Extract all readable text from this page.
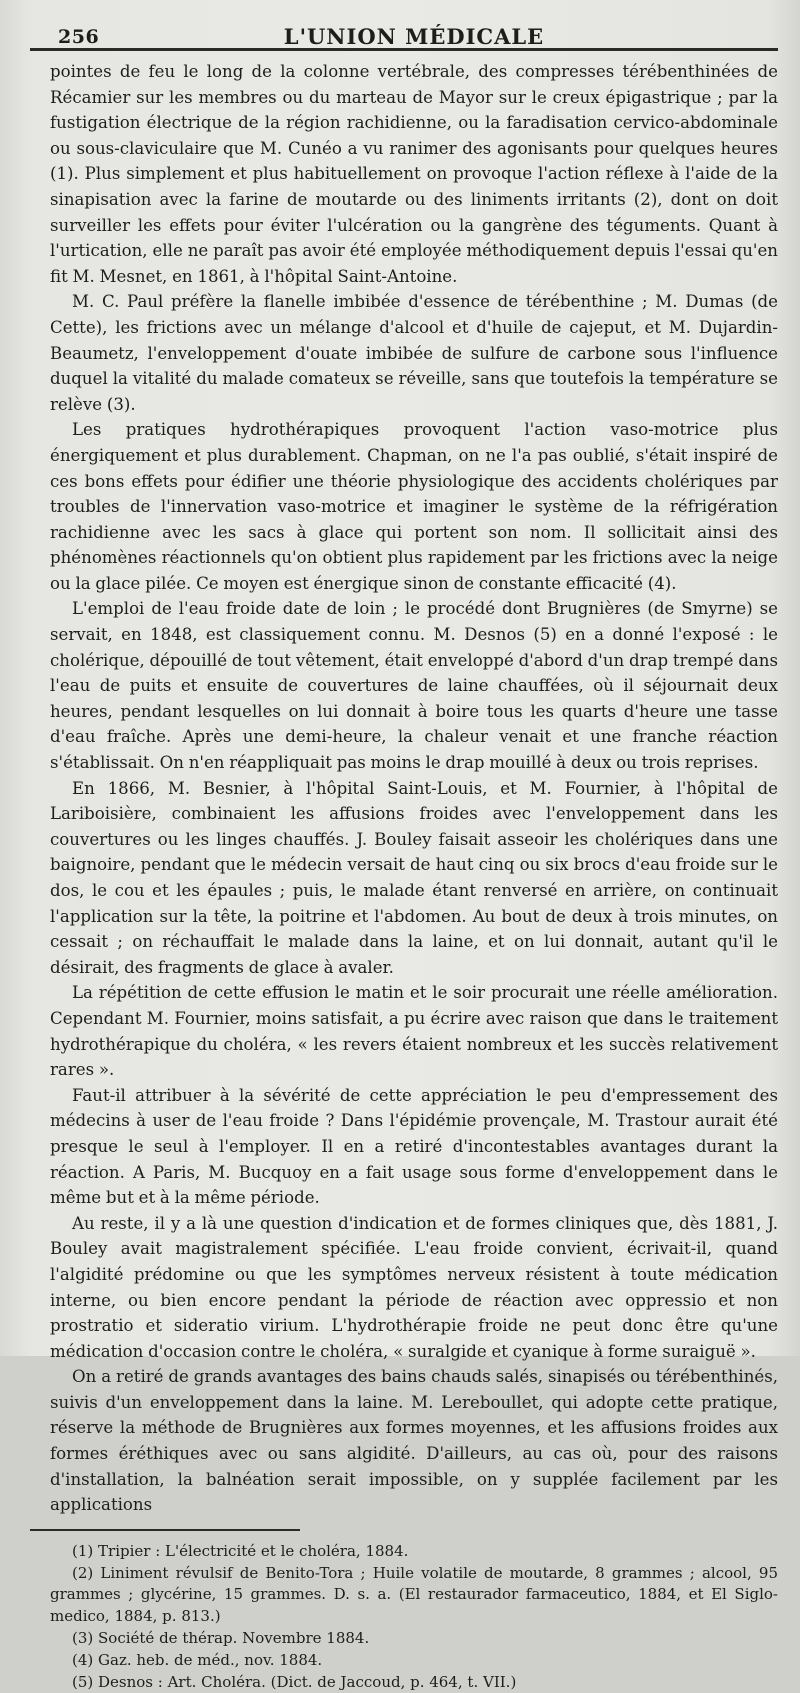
256	L'UNION MÉDICALE

pointes de feu le long de la colonne vertébrale, des compresses térébenthinées de Récamier sur les membres ou du marteau de Mayor sur le creux épigastrique ; par la fustigation électrique de la région rachidienne, ou la faradisation cervico-abdominale ou sous-claviculaire que M. Cunéo a vu ranimer des agonisants pour quelques heures (1). Plus simplement et plus habituellement on provoque l'action réflexe à l'aide de la sinapisation avec la farine de moutarde ou des liniments irritants (2), dont on doit surveiller les effets pour éviter l'ulcération ou la gangrène des téguments. Quant à l'urtication, elle ne paraît pas avoir été employée méthodiquement depuis l'essai qu'en fit M. Mesnet, en 1861, à l'hôpital Saint-Antoine.

M. C. Paul préfère la flanelle imbibée d'essence de térébenthine ; M. Dumas (de Cette), les frictions avec un mélange d'alcool et d'huile de cajeput, et M. Dujardin-Beaumetz, l'enveloppement d'ouate imbibée de sulfure de carbone sous l'influence duquel la vitalité du malade comateux se réveille, sans que toutefois la température se relève (3).

Les pratiques hydrothérapiques provoquent l'action vaso-motrice plus énergiquement et plus durablement. Chapman, on ne l'a pas oublié, s'était inspiré de ces bons effets pour édifier une théorie physiologique des accidents cholériques par troubles de l'innervation vaso-motrice et imaginer le système de la réfrigération rachidienne avec les sacs à glace qui portent son nom. Il sollicitait ainsi des phénomènes réactionnels qu'on obtient plus rapidement par les frictions avec la neige ou la glace pilée. Ce moyen est énergique sinon de constante efficacité (4).

L'emploi de l'eau froide date de loin ; le procédé dont Brugnières (de Smyrne) se servait, en 1848, est classiquement connu. M. Desnos (5) en a donné l'exposé : le cholérique, dépouillé de tout vêtement, était enveloppé d'abord d'un drap trempé dans l'eau de puits et ensuite de couvertures de laine chauffées, où il séjournait deux heures, pendant lesquelles on lui donnait à boire tous les quarts d'heure une tasse d'eau fraîche. Après une demi-heure, la chaleur venait et une franche réaction s'établissait. On n'en réappliquait pas moins le drap mouillé à deux ou trois reprises.

En 1866, M. Besnier, à l'hôpital Saint-Louis, et M. Fournier, à l'hôpital de Lariboisière, combinaient les affusions froides avec l'enveloppement dans les couvertures ou les linges chauffés. J. Bouley faisait asseoir les cholériques dans une baignoire, pendant que le médecin versait de haut cinq ou six brocs d'eau froide sur le dos, le cou et les épaules ; puis, le malade étant renversé en arrière, on continuait l'application sur la tête, la poitrine et l'abdomen. Au bout de deux à trois minutes, on cessait ; on réchauffait le malade dans la laine, et on lui donnait, autant qu'il le désirait, des fragments de glace à avaler.

La répétition de cette effusion le matin et le soir procurait une réelle amélioration. Cependant M. Fournier, moins satisfait, a pu écrire avec raison que dans le traitement hydrothérapique du choléra, « les revers étaient nombreux et les succès relativement rares ».

Faut-il attribuer à la sévérité de cette appréciation le peu d'empressement des médecins à user de l'eau froide ? Dans l'épidémie provençale, M. Trastour aurait été presque le seul à l'employer. Il en a retiré d'incontestables avantages durant la réaction. A Paris, M. Bucquoy en a fait usage sous forme d'enveloppement dans le même but et à la même période.

Au reste, il y a là une question d'indication et de formes cliniques que, dès 1881, J. Bouley avait magistralement spécifiée. L'eau froide convient, écrivait-il, quand l'algidité prédomine ou que les symptômes nerveux résistent à toute médication interne, ou bien encore pendant la période de réaction avec oppressio et non prostratio et sideratio virium. L'hydrothérapie froide ne peut donc être qu'une médication d'occasion contre le choléra, « suralgide et cyanique à forme suraiguë ».

On a retiré de grands avantages des bains chauds salés, sinapisés ou térébenthinés, suivis d'un enveloppement dans la laine. M. Lereboullet, qui adopte cette pratique, réserve la méthode de Brugnières aux formes moyennes, et les affusions froides aux formes éréthiques avec ou sans algidité. D'ailleurs, au cas où, pour des raisons d'installation, la balnéation serait impossible, on y supplée facilement par les applications

(1) Tripier : L'électricité et le choléra, 1884.

(2) Liniment révulsif de Benito-Tora ; Huile volatile de moutarde, 8 grammes ; alcool, 95 grammes ; glycérine, 15 grammes. D. s. a. (El restaurador farmaceutico, 1884, et El Siglo-medico, 1884, p. 813.)

(3) Société de thérap. Novembre 1884.

(4) Gaz. heb. de méd., nov. 1884.

(5) Desnos : Art. Choléra. (Dict. de Jaccoud, p. 464, t. VII.)
